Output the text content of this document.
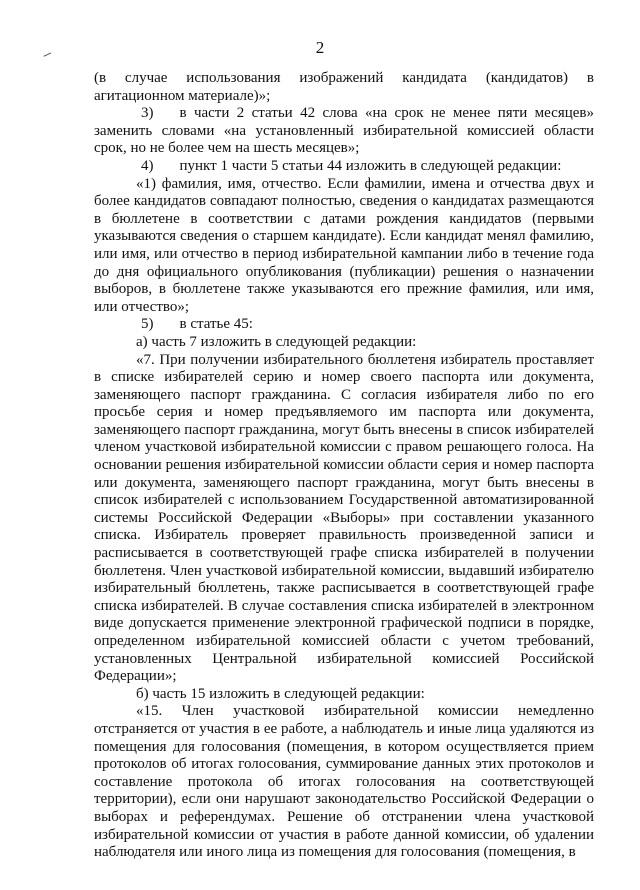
2

(в случае использования изображений кандидата (кандидатов) в агитационном материале)»;

3) в части 2 статьи 42 слова «на срок не менее пяти месяцев» заменить словами «на установленный избирательной комиссией области срок, но не более чем на шесть месяцев»;

4) пункт 1 части 5 статьи 44 изложить в следующей редакции:

«1) фамилия, имя, отчество. Если фамилии, имена и отчества двух и более кандидатов совпадают полностью, сведения о кандидатах размещаются в бюллетене в соответствии с датами рождения кандидатов (первыми указываются сведения о старшем кандидате). Если кандидат менял фамилию, или имя, или отчество в период избирательной кампании либо в течение года до дня официального опубликования (публикации) решения о назначении выборов, в бюллетене также указываются его прежние фамилия, или имя, или отчество»;

5) в статье 45:

а) часть 7 изложить в следующей редакции:

«7. При получении избирательного бюллетеня избиратель проставляет в списке избирателей серию и номер своего паспорта или документа, заменяющего паспорт гражданина. С согласия избирателя либо по его просьбе серия и номер предъявляемого им паспорта или документа, заменяющего паспорт гражданина, могут быть внесены в список избирателей членом участковой избирательной комиссии с правом решающего голоса. На основании решения избирательной комиссии области серия и номер паспорта или документа, заменяющего паспорт гражданина, могут быть внесены в список избирателей с использованием Государственной автоматизированной системы Российской Федерации «Выборы» при составлении указанного списка. Избиратель проверяет правильность произведенной записи и расписывается в соответствующей графе списка избирателей в получении бюллетеня. Член участковой избирательной комиссии, выдавший избирателю избирательный бюллетень, также расписывается в соответствующей графе списка избирателей. В случае составления списка избирателей в электронном виде допускается применение электронной графической подписи в порядке, определенном избирательной комиссией области с учетом требований, установленных Центральной избирательной комиссией Российской Федерации»;

б) часть 15 изложить в следующей редакции:

«15. Член участковой избирательной комиссии немедленно отстраняется от участия в ее работе, а наблюдатель и иные лица удаляются из помещения для голосования (помещения, в котором осуществляется прием протоколов об итогах голосования, суммирование данных этих протоколов и составление протокола об итогах голосования на соответствующей территории), если они нарушают законодательство Российской Федерации о выборах и референдумах. Решение об отстранении члена участковой избирательной комиссии от участия в работе данной комиссии, об удалении наблюдателя или иного лица из помещения для голосования (помещения, в
